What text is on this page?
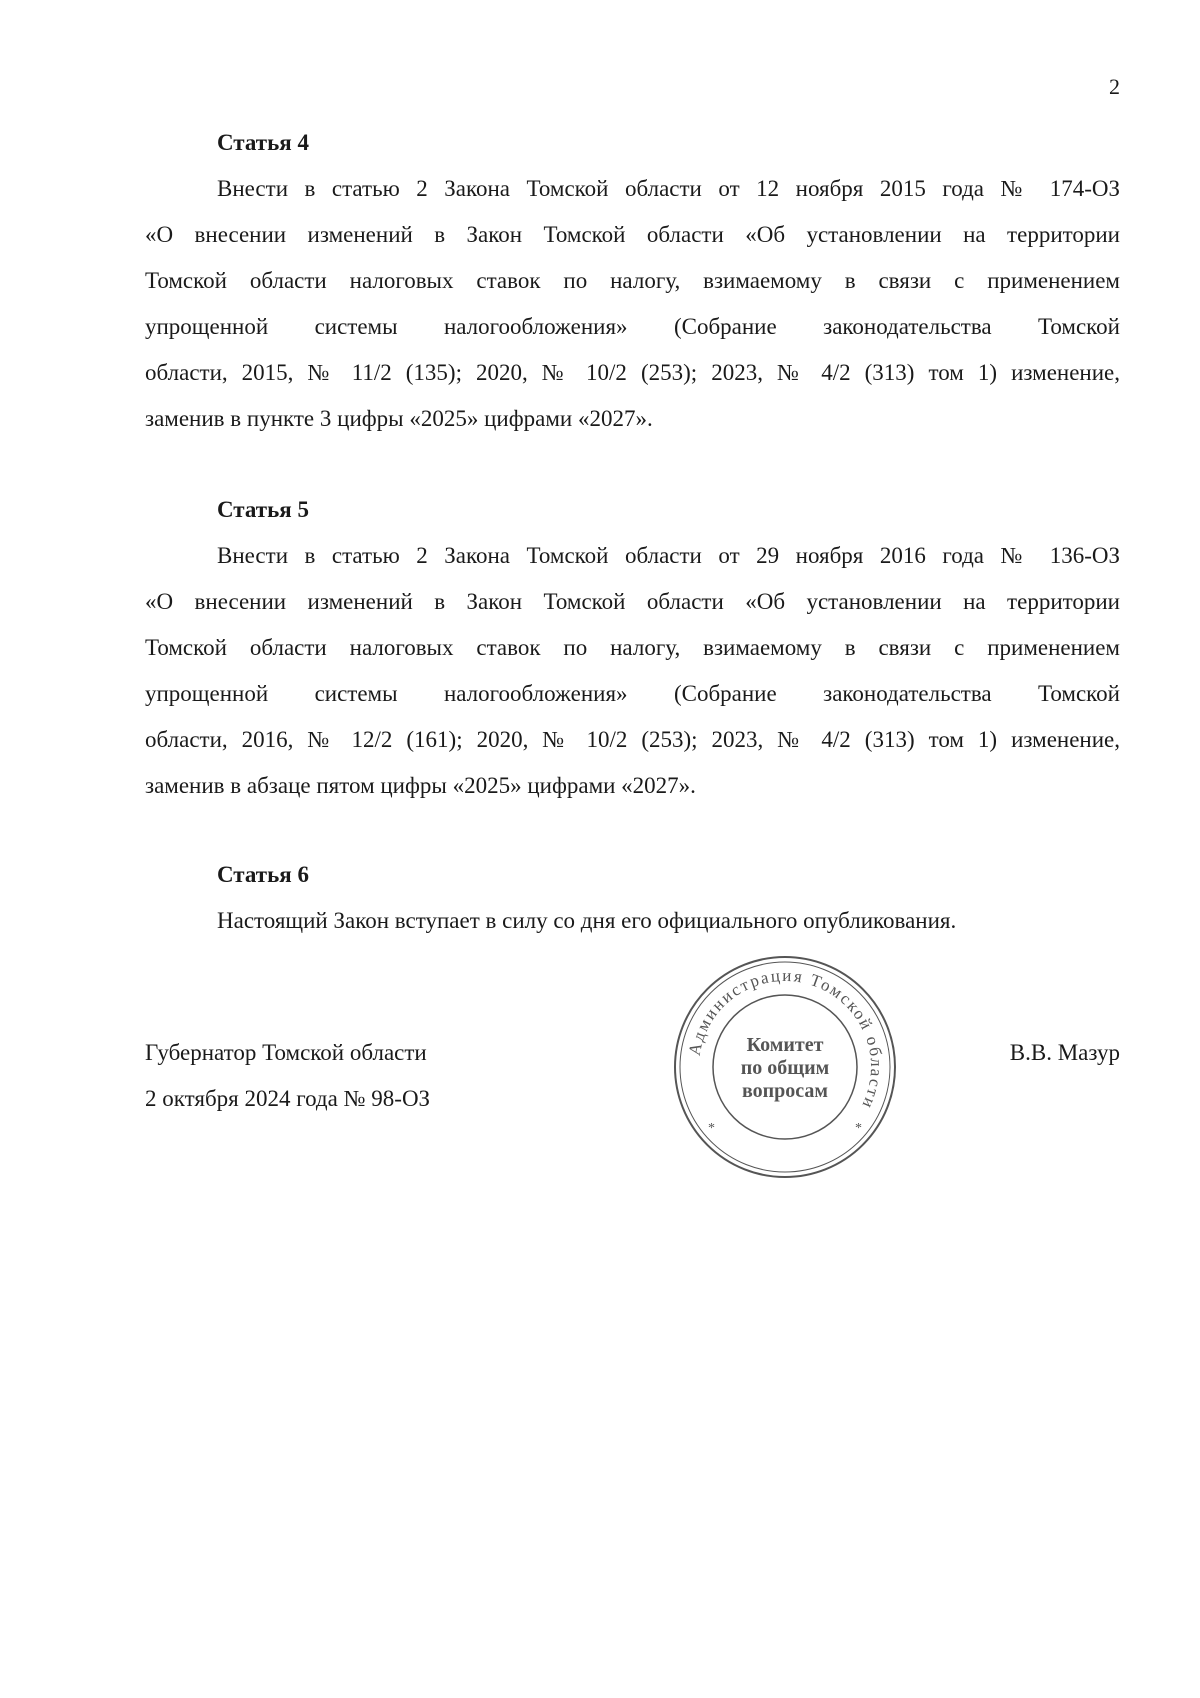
2
Статья 4
Внести в статью 2 Закона Томской области от 12 ноября 2015 года № 174-ОЗ
«О внесении изменений в Закон Томской области «Об установлении на территории
Томской области налоговых ставок по налогу, взимаемому в связи с применением
упрощенной системы налогообложения» (Собрание законодательства Томской
области, 2015, № 11/2 (135); 2020, № 10/2 (253); 2023, № 4/2 (313) том 1) изменение,
заменив в пункте 3 цифры «2025» цифрами «2027».
Статья 5
Внести в статью 2 Закона Томской области от 29 ноября 2016 года № 136-ОЗ
«О внесении изменений в Закон Томской области «Об установлении на территории
Томской области налоговых ставок по налогу, взимаемому в связи с применением
упрощенной системы налогообложения» (Собрание законодательства Томской
области, 2016, № 12/2 (161); 2020, № 10/2 (253); 2023, № 4/2 (313) том 1) изменение,
заменив в абзаце пятом цифры «2025» цифрами «2027».
Статья 6
Настоящий Закон вступает в силу со дня его официального опубликования.
Губернатор Томской области
2 октября 2024 года № 98-ОЗ
В.В. Мазур
Администрация Томской области
*	*
Комитет
по общим
вопросам
